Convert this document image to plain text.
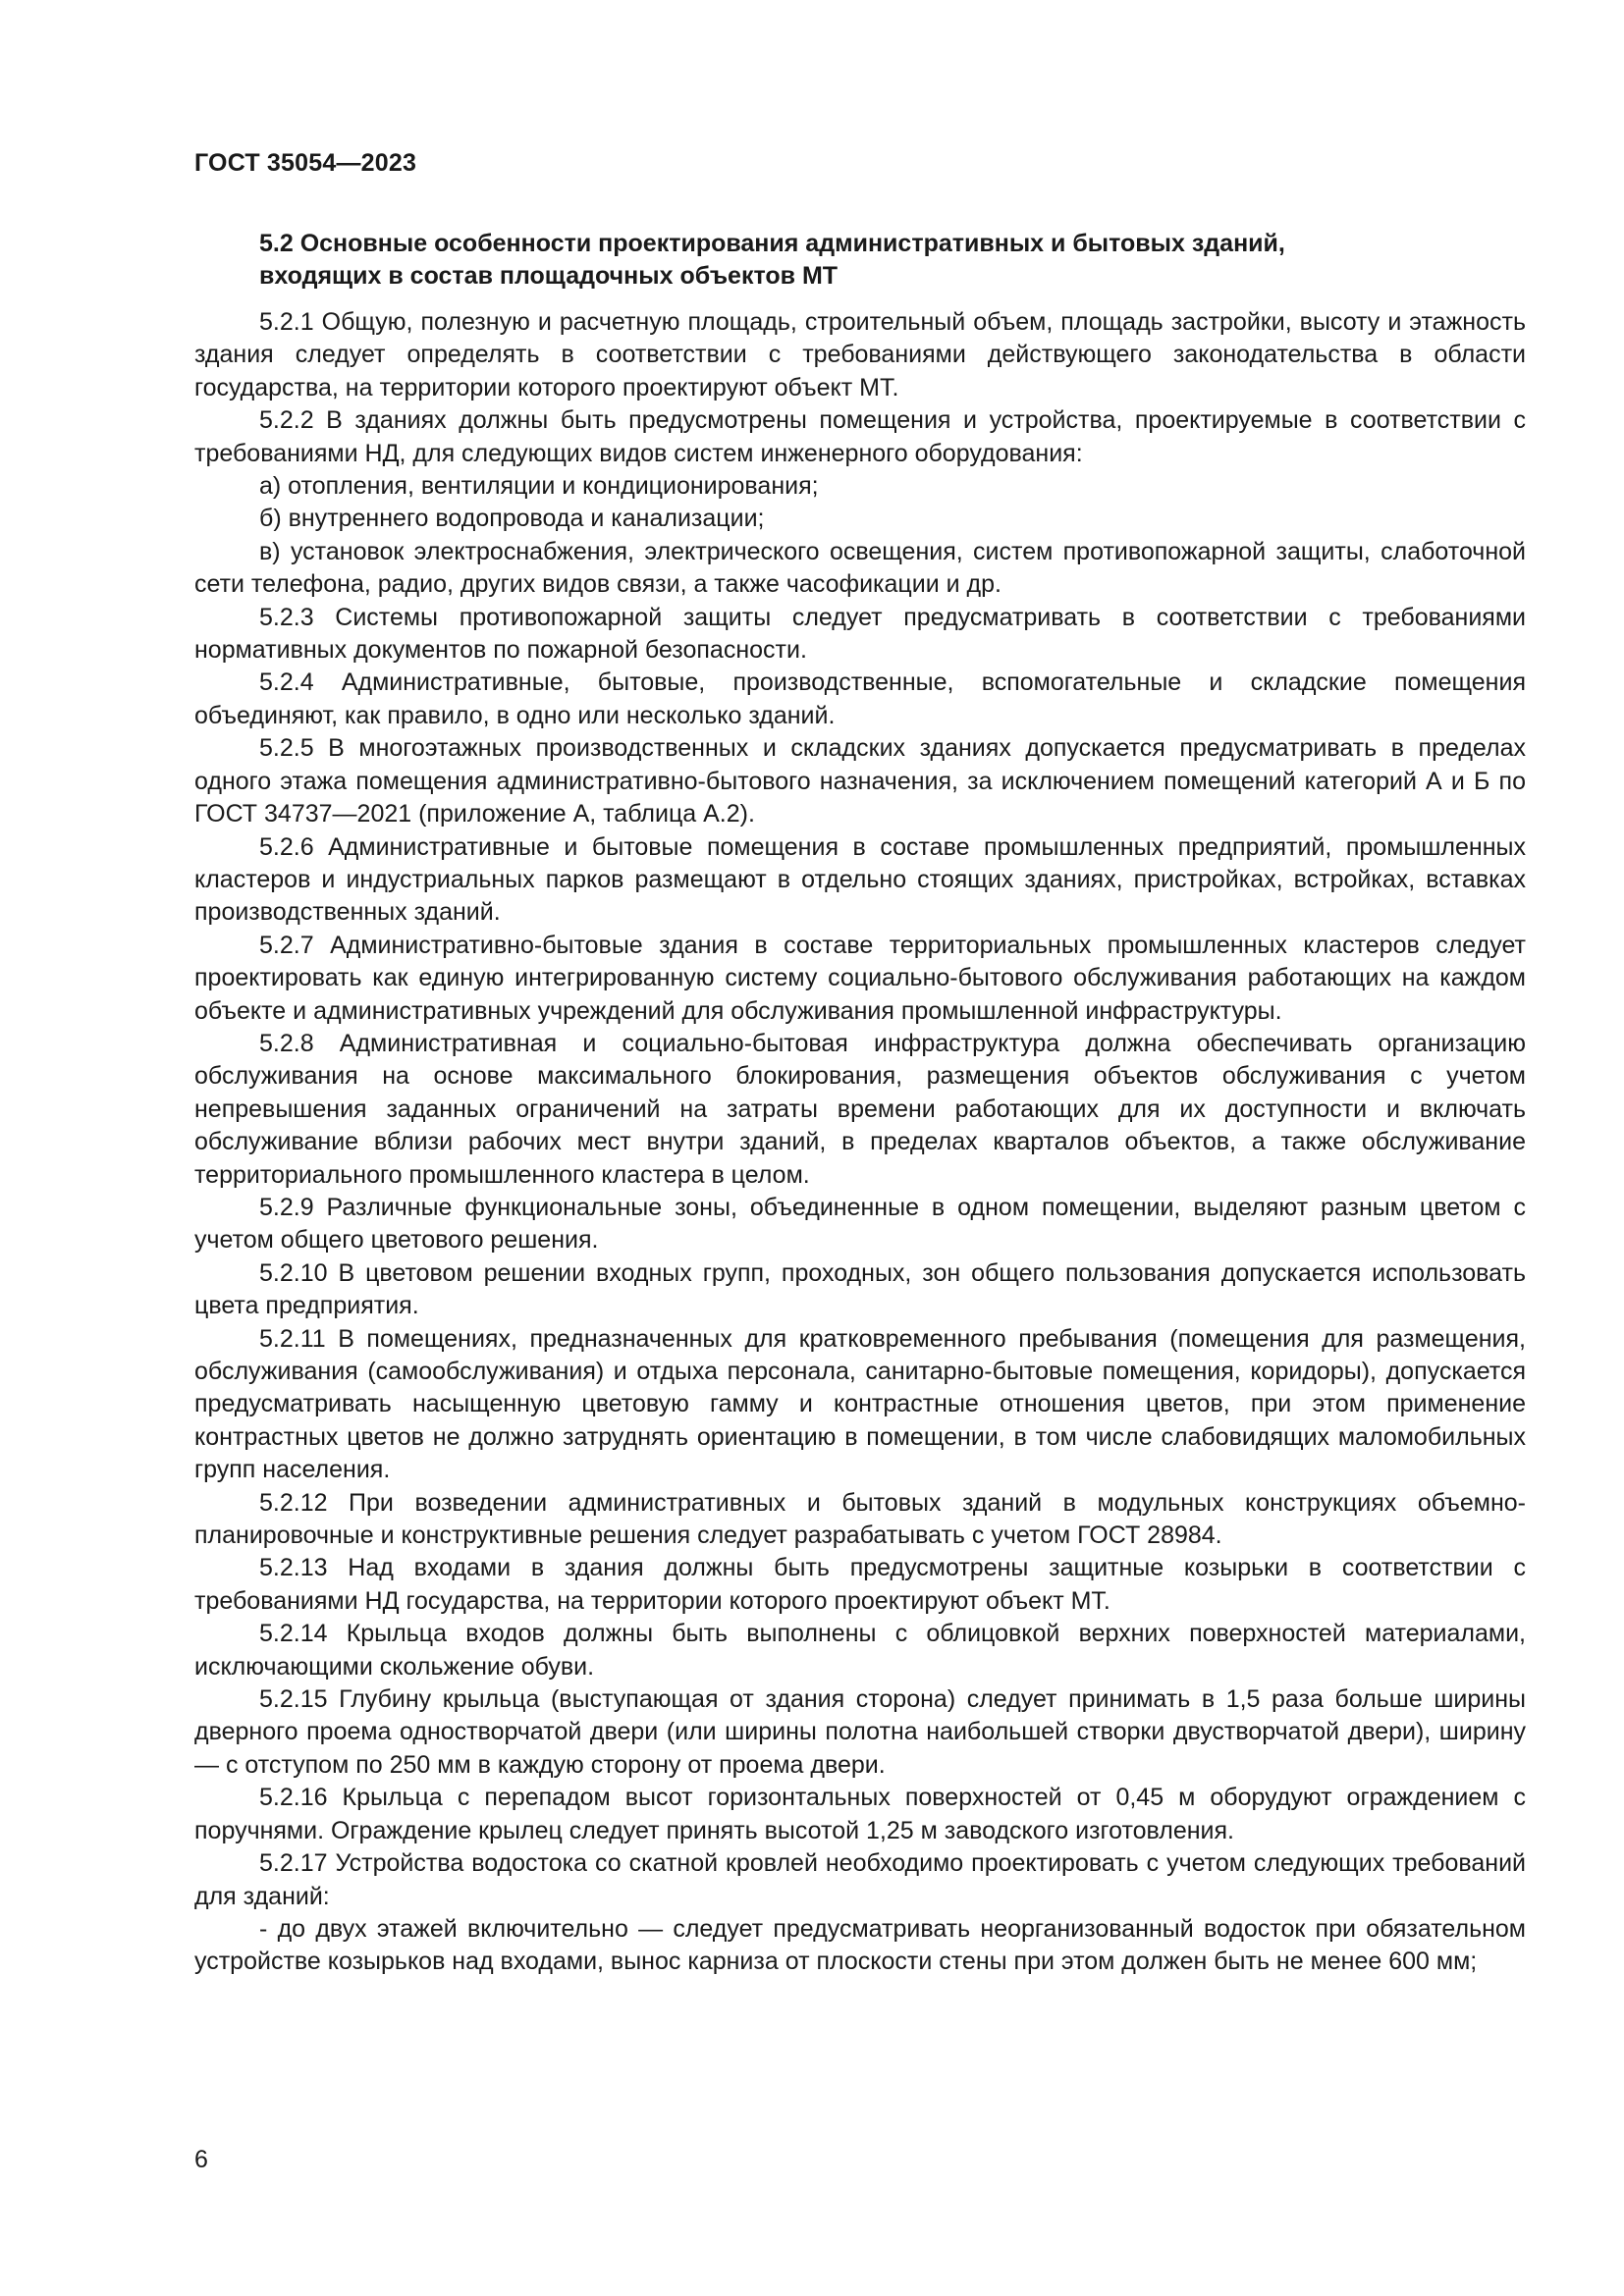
ГОСТ 35054—2023
5.2 Основные особенности проектирования административных и бытовых зданий,
входящих в состав площадочных объектов МТ

5.2.1 Общую, полезную и расчетную площадь, строительный объем, площадь застройки, высоту и этажность здания следует определять в соответствии с требованиями действующего законодательства в области государства, на территории которого проектируют объект МТ.

5.2.2 В зданиях должны быть предусмотрены помещения и устройства, проектируемые в соответствии с требованиями НД, для следующих видов систем инженерного оборудования:

а) отопления, вентиляции и кондиционирования;

б) внутреннего водопровода и канализации;

в) установок электроснабжения, электрического освещения, систем противопожарной защиты, слаботочной сети телефона, радио, других видов связи, а также часофикации и др.

5.2.3 Системы противопожарной защиты следует предусматривать в соответствии с требованиями нормативных документов по пожарной безопасности.

5.2.4 Административные, бытовые, производственные, вспомогательные и складские помещения объединяют, как правило, в одно или несколько зданий.

5.2.5 В многоэтажных производственных и складских зданиях допускается предусматривать в пределах одного этажа помещения административно-бытового назначения, за исключением помещений категорий А и Б по ГОСТ 34737—2021 (приложение А, таблица А.2).

5.2.6 Административные и бытовые помещения в составе промышленных предприятий, промышленных кластеров и индустриальных парков размещают в отдельно стоящих зданиях, пристройках, встройках, вставках производственных зданий.

5.2.7 Административно-бытовые здания в составе территориальных промышленных кластеров следует проектировать как единую интегрированную систему социально-бытового обслуживания работающих на каждом объекте и административных учреждений для обслуживания промышленной инфраструктуры.

5.2.8 Административная и социально-бытовая инфраструктура должна обеспечивать организацию обслуживания на основе максимального блокирования, размещения объектов обслуживания с учетом непревышения заданных ограничений на затраты времени работающих для их доступности и включать обслуживание вблизи рабочих мест внутри зданий, в пределах кварталов объектов, а также обслуживание территориального промышленного кластера в целом.

5.2.9 Различные функциональные зоны, объединенные в одном помещении, выделяют разным цветом с учетом общего цветового решения.

5.2.10 В цветовом решении входных групп, проходных, зон общего пользования допускается использовать цвета предприятия.

5.2.11 В помещениях, предназначенных для кратковременного пребывания (помещения для размещения, обслуживания (самообслуживания) и отдыха персонала, санитарно-бытовые помещения, коридоры), допускается предусматривать насыщенную цветовую гамму и контрастные отношения цветов, при этом применение контрастных цветов не должно затруднять ориентацию в помещении, в том числе слабовидящих маломобильных групп населения.

5.2.12 При возведении административных и бытовых зданий в модульных конструкциях объемно-планировочные и конструктивные решения следует разрабатывать с учетом ГОСТ 28984.

5.2.13 Над входами в здания должны быть предусмотрены защитные козырьки в соответствии с требованиями НД государства, на территории которого проектируют объект МТ.

5.2.14 Крыльца входов должны быть выполнены с облицовкой верхних поверхностей материалами, исключающими скольжение обуви.

5.2.15 Глубину крыльца (выступающая от здания сторона) следует принимать в 1,5 раза больше ширины дверного проема одностворчатой двери (или ширины полотна наибольшей створки двустворчатой двери), ширину — с отступом по 250 мм в каждую сторону от проема двери.

5.2.16 Крыльца с перепадом высот горизонтальных поверхностей от 0,45 м оборудуют ограждением с поручнями. Ограждение крылец следует принять высотой 1,25 м заводского изготовления.

5.2.17 Устройства водостока со скатной кровлей необходимо проектировать с учетом следующих требований для зданий:

- до двух этажей включительно — следует предусматривать неорганизованный водосток при обязательном устройстве козырьков над входами, вынос карниза от плоскости стены при этом должен быть не менее 600 мм;

6
